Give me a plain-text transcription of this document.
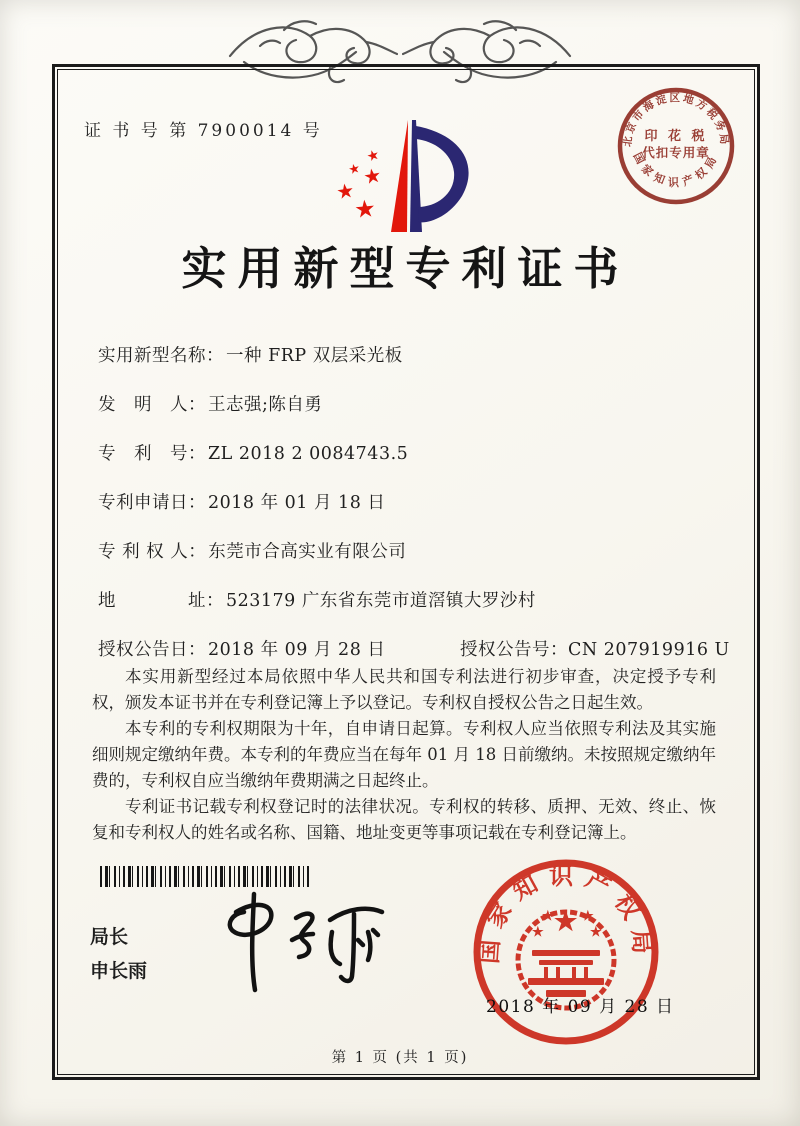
证 书 号 第 7900014 号	北京市海淀区地方税务局
国家知识产权局
印 花 税
代扣专用章
★
★ ★
★
★
实用新型专利证书
实用新型名称： 一种 FRP 双层采光板
发　明　人： 王志强;陈自勇
专　利　号： ZL 2018 2 0084743.5
专利申请日： 2018 年 01 月 18 日
专 利 权 人： 东莞市合高实业有限公司
地　　　　址： 523179 广东省东莞市道滘镇大罗沙村
授权公告日： 2018 年 09 月 28 日	授权公告号：CN 207919916 U

本实用新型经过本局依照中华人民共和国专利法进行初步审查，决定授予专利权，颁发本证书并在专利登记簿上予以登记。专利权自授权公告之日起生效。

本专利的专利权期限为十年，自申请日起算。专利权人应当依照专利法及其实施细则规定缴纳年费。本专利的年费应当在每年 01 月 18 日前缴纳。未按照规定缴纳年费的，专利权自应当缴纳年费期满之日起终止。

专利证书记载专利权登记时的法律状况。专利权的转移、质押、无效、终止、恢复和专利权人的姓名或名称、国籍、地址变更等事项记载在专利登记簿上。

局长
申长雨
国家知识产权局
★
★
★ ★
★
2018 年 09 月 28 日
第 1 页 (共 1 页)
